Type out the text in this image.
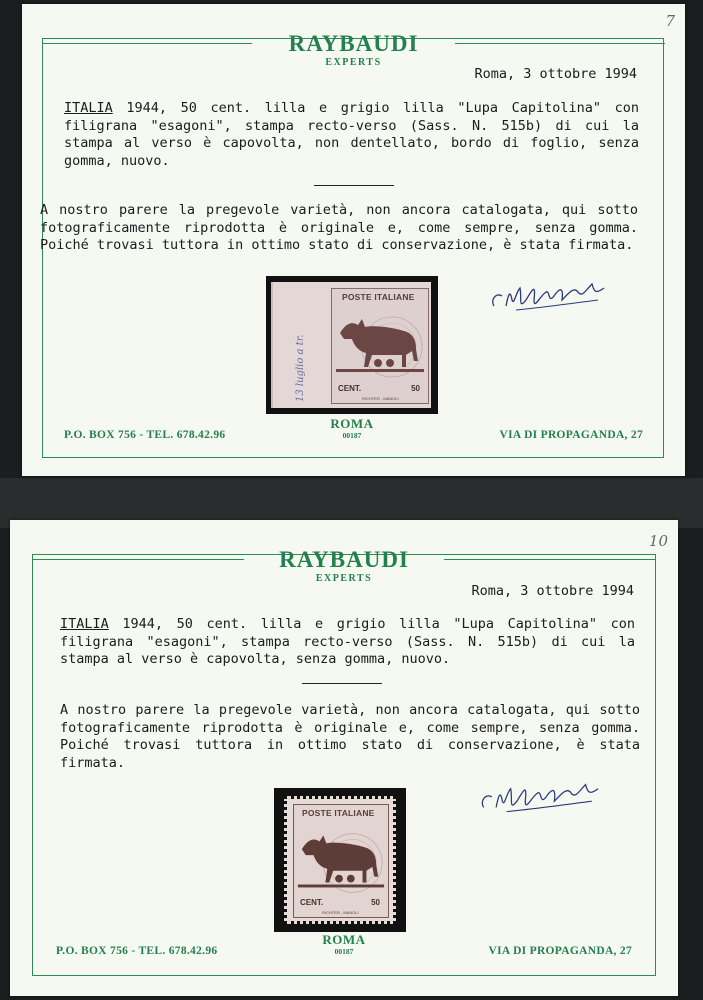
7
RAYBAUDI
EXPERTS
Roma, 3 ottobre 1994
ITALIA 1944, 50 cent. lilla e grigio lilla "Lupa Capitolina" con filigrana "esagoni", stampa recto-verso (Sass. N. 515b) di cui la stampa al verso è capovolta, non dentellato, bordo di foglio, senza gomma, nuovo.
A nostro parere la pregevole varietà, non ancora catalogata, qui sotto fotograficamente riprodotta è originale e, come sempre, senza gomma. Poiché trovasi tuttora in ottimo stato di conservazione, è stata firmata.
13 luglio a tr.
POSTE ITALIANE
CENT.	50
RICHTER - MANOLI
P.O. BOX 756 - TEL. 678.42.96
ROMA
00187	VIA DI PROPAGANDA, 27
10
RAYBAUDI
EXPERTS
Roma, 3 ottobre 1994
ITALIA 1944, 50 cent. lilla e grigio lilla "Lupa Capitolina" con filigrana "esagoni", stampa recto-verso (Sass. N. 515b) di cui la stampa al verso è capovolta, senza gomma, nuovo.
A nostro parere la pregevole varietà, non ancora catalogata, qui sotto fotograficamente riprodotta è originale e, come sempre, senza gomma. Poiché trovasi tuttora in ottimo stato di conservazione, è stata firmata.
POSTE ITALIANE
CENT.	50
RICHTER - MANOLI
P.O. BOX 756 - TEL. 678.42.96
ROMA
00187	VIA DI PROPAGANDA, 27
